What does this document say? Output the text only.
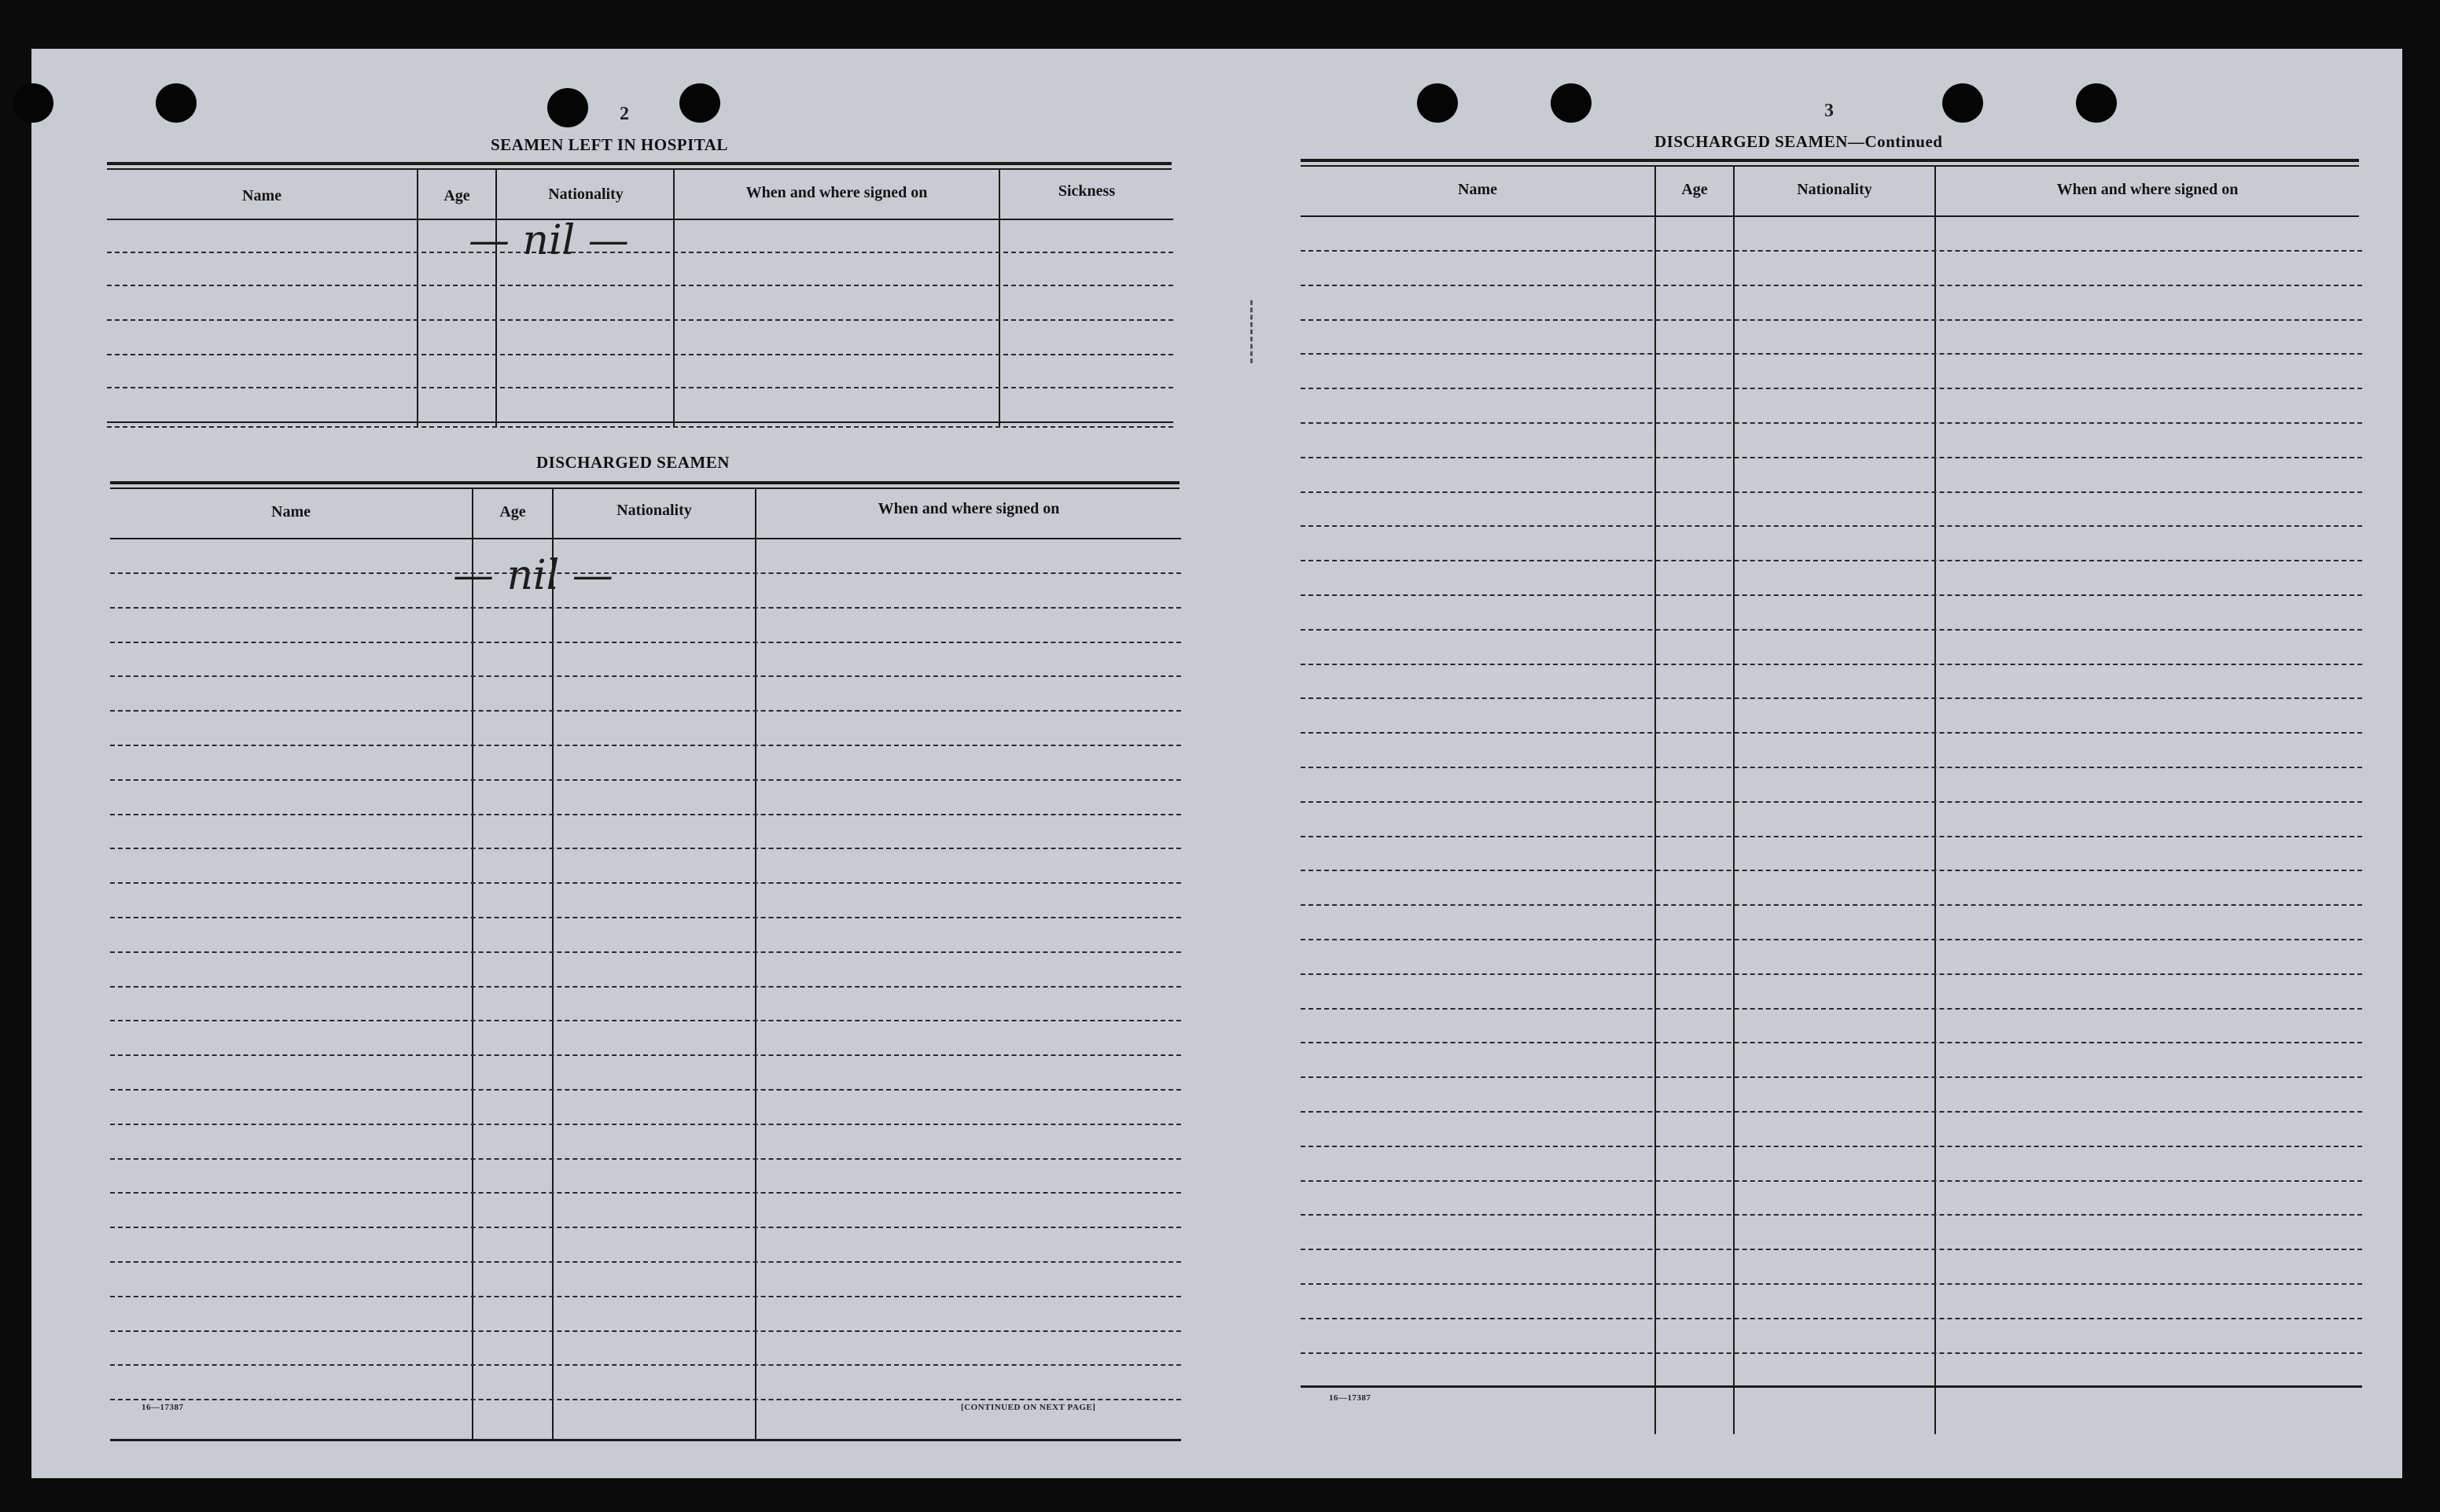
2
SEAMEN LEFT IN HOSPITAL
Name	Age	Nationality	When and where signed on	Sickness
— nil —
DISCHARGED SEAMEN
Name	Age	Nationality	When and where signed on
— nil —
16—17387	[CONTINUED ON NEXT PAGE]
3
DISCHARGED SEAMEN—Continued
Name	Age	Nationality	When and where signed on
16—17387
